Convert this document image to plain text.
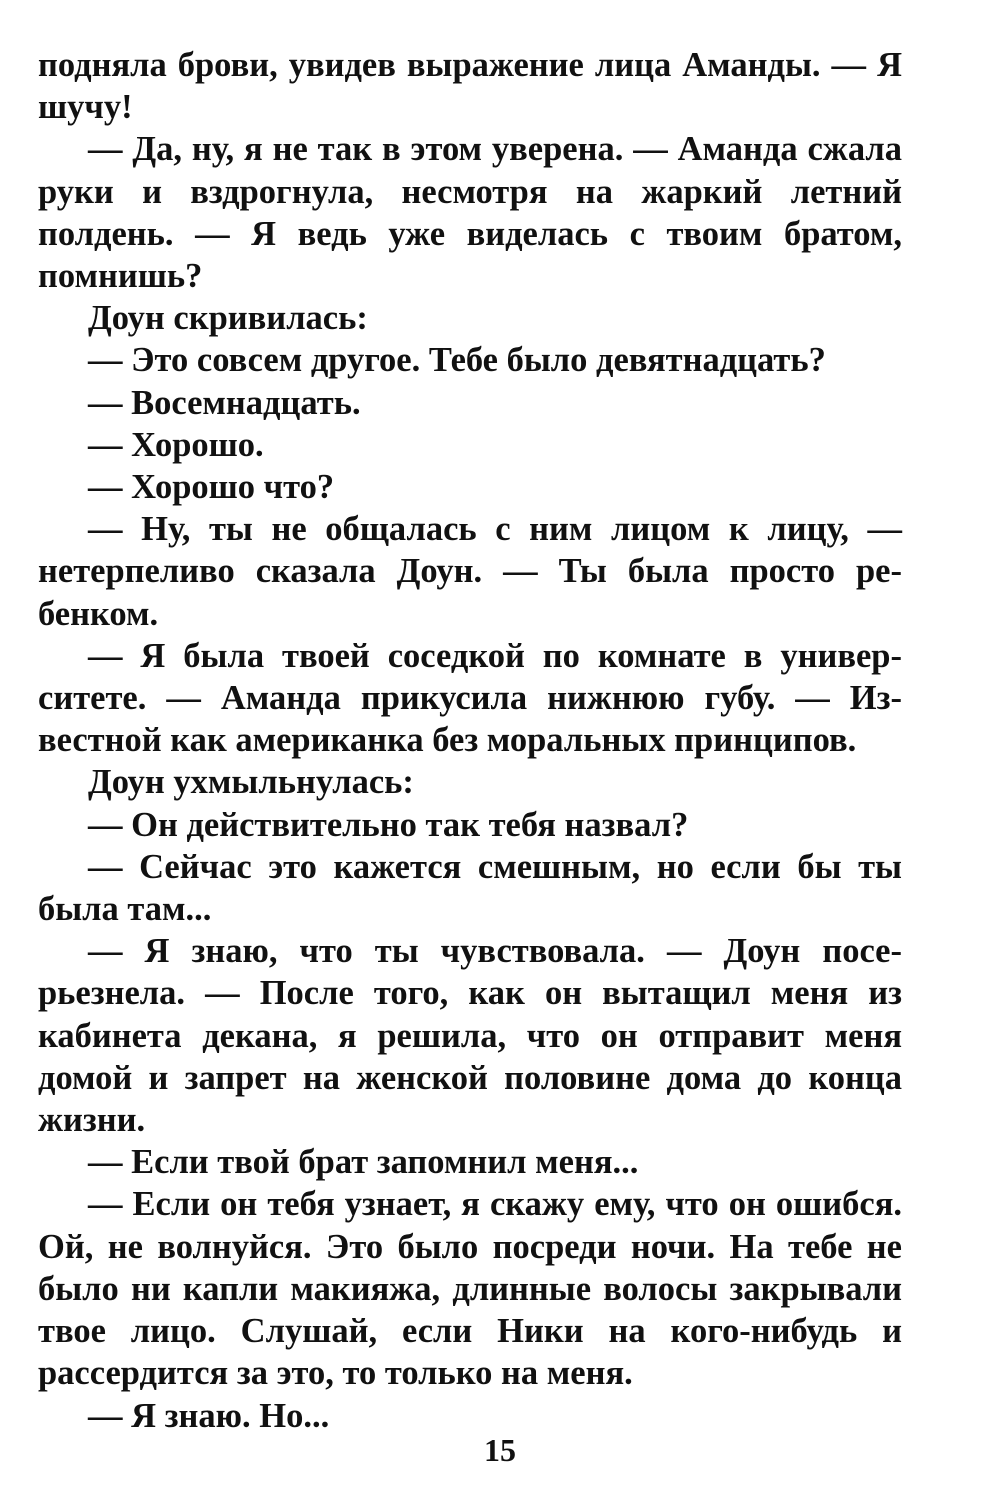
подняла брови, увидев выражение лица Аманды. — Я шучу!

— Да, ну, я не так в этом уверена. — Аманда сжала руки и вздрогнула, несмотря на жаркий летний полдень. — Я ведь уже виделась с твоим братом, помнишь?

Доун скривилась:

— Это совсем другое. Тебе было девятнадцать?

— Восемнадцать.

— Хорошо.

— Хорошо что?

— Ну, ты не общалась с ним лицом к лицу, — нетерпеливо сказала Доун. — Ты была просто ребенком.

— Я была твоей соседкой по комнате в университете. — Аманда прикусила нижнюю губу. — Известной как американка без моральных принципов.

Доун ухмыльнулась:

— Он действительно так тебя назвал?

— Сейчас это кажется смешным, но если бы ты была там...

— Я знаю, что ты чувствовала. — Доун посерьезнела. — После того, как он вытащил меня из кабинета декана, я решила, что он отправит меня домой и запрет на женской половине дома до конца жизни.

— Если твой брат запомнил меня...

— Если он тебя узнает, я скажу ему, что он ошибся. Ой, не волнуйся. Это было посреди ночи. На тебе не было ни капли макияжа, длинные волосы закрывали твое лицо. Слушай, если Ники на кого-нибудь и рассердится за это, то только на меня.

— Я знаю. Но...

15
